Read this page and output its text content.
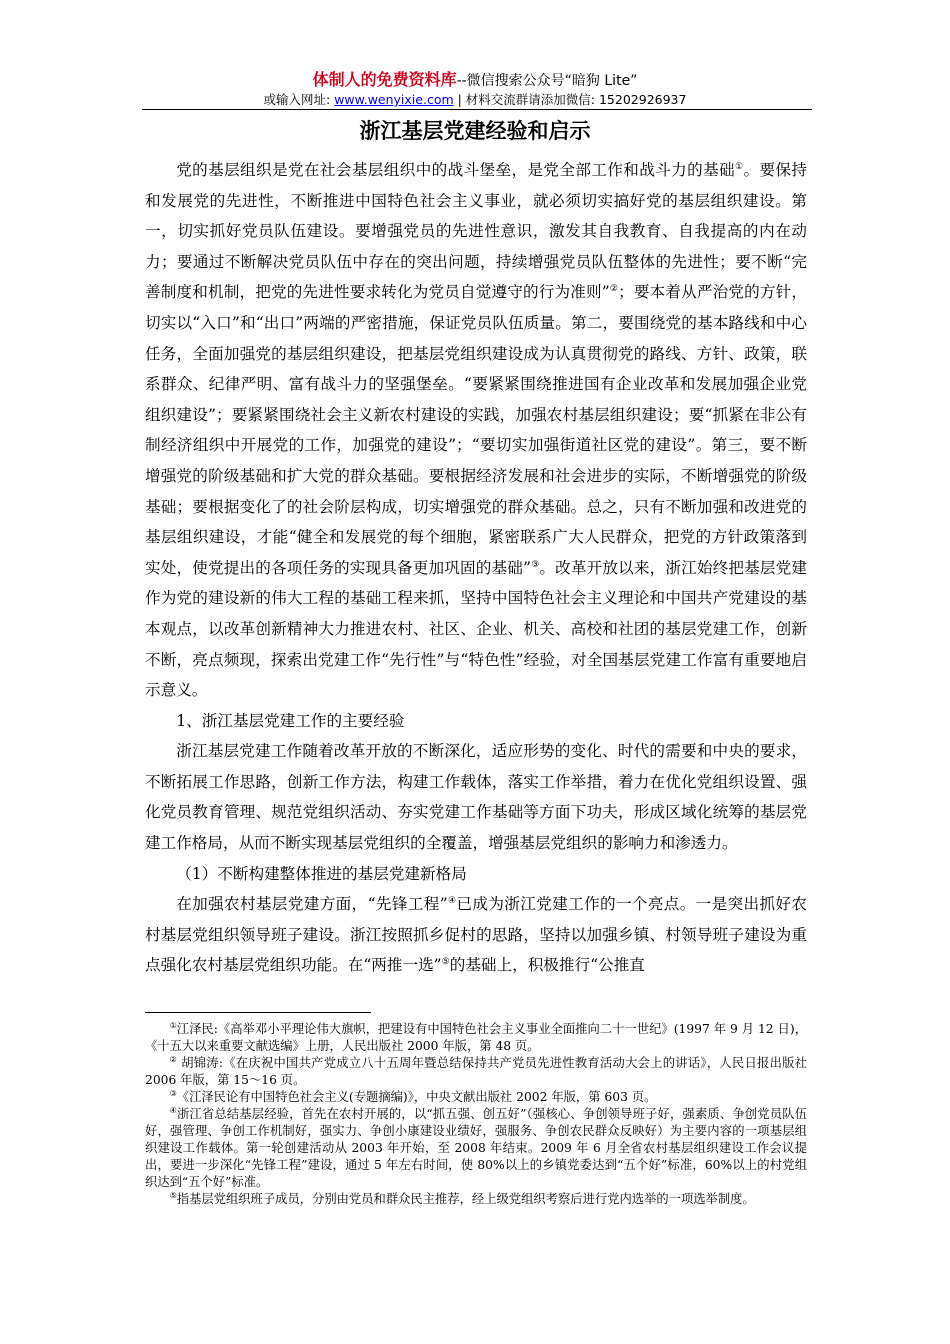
体制人的免费资料库--微信搜索公众号“暗狗 Lite”
或输入网址: www.wenyixie.com | 材料交流群请添加微信: 15202926937
浙江基层党建经验和启示

党的基层组织是党在社会基层组织中的战斗堡垒，是党全部工作和战斗力的基础①。要保持和发展党的先进性，不断推进中国特色社会主义事业，就必须切实搞好党的基层组织建设。第一，切实抓好党员队伍建设。要增强党员的先进性意识，激发其自我教育、自我提高的内在动力；要通过不断解决党员队伍中存在的突出问题，持续增强党员队伍整体的先进性；要不断“完善制度和机制，把党的先进性要求转化为党员自觉遵守的行为准则”②；要本着从严治党的方针，切实以“入口”和“出口”两端的严密措施，保证党员队伍质量。第二，要围绕党的基本路线和中心任务，全面加强党的基层组织建设，把基层党组织建设成为认真贯彻党的路线、方针、政策，联系群众、纪律严明、富有战斗力的坚强堡垒。“要紧紧围绕推进国有企业改革和发展加强企业党组织建设”；要紧紧围绕社会主义新农村建设的实践，加强农村基层组织建设；要“抓紧在非公有制经济组织中开展党的工作，加强党的建设”；“要切实加强街道社区党的建设”。第三，要不断增强党的阶级基础和扩大党的群众基础。要根据经济发展和社会进步的实际，不断增强党的阶级基础；要根据变化了的社会阶层构成，切实增强党的群众基础。总之，只有不断加强和改进党的基层组织建设，才能“健全和发展党的每个细胞，紧密联系广大人民群众，把党的方针政策落到实处，使党提出的各项任务的实现具备更加巩固的基础”③。改革开放以来，浙江始终把基层党建作为党的建设新的伟大工程的基础工程来抓，坚持中国特色社会主义理论和中国共产党建设的基本观点，以改革创新精神大力推进农村、社区、企业、机关、高校和社团的基层党建工作，创新不断，亮点频现，探索出党建工作“先行性”与“特色性”经验，对全国基层党建工作富有重要地启示意义。

1、浙江基层党建工作的主要经验

浙江基层党建工作随着改革开放的不断深化，适应形势的变化、时代的需要和中央的要求，不断拓展工作思路，创新工作方法，构建工作载体，落实工作举措，着力在优化党组织设置、强化党员教育管理、规范党组织活动、夯实党建工作基础等方面下功夫，形成区域化统筹的基层党建工作格局，从而不断实现基层党组织的全覆盖，增强基层党组织的影响力和渗透力。

（1）不断构建整体推进的基层党建新格局

在加强农村基层党建方面，“先锋工程”④已成为浙江党建工作的一个亮点。一是突出抓好农村基层党组织领导班子建设。浙江按照抓乡促村的思路，坚持以加强乡镇、村领导班子建设为重点强化农村基层党组织功能。在“两推一选”⑤的基础上，积极推行“公推直

①江泽民:《高举邓小平理论伟大旗帜，把建设有中国特色社会主义事业全面推向二十一世纪》(1997 年 9 月 12 日)，《十五大以来重要文献选编》上册，人民出版社 2000 年版，第 48 页。

② 胡锦涛:《在庆祝中国共产党成立八十五周年暨总结保持共产党员先进性教育活动大会上的讲话》，人民日报出版社 2006 年版，第 15～16 页。

③《江泽民论有中国特色社会主义(专题摘编)》，中央文献出版社 2002 年版，第 603 页。

④浙江省总结基层经验，首先在农村开展的，以“抓五强、创五好”（强核心、争创领导班子好，强素质、争创党员队伍好，强管理、争创工作机制好，强实力、争创小康建设业绩好，强服务、争创农民群众反映好）为主要内容的一项基层组织建设工作载体。第一轮创建活动从 2003 年开始，至 2008 年结束。2009 年 6 月全省农村基层组织建设工作会议提出，要进一步深化“先锋工程”建设，通过 5 年左右时间，使 80%以上的乡镇党委达到“五个好”标准，60%以上的村党组织达到“五个好”标准。

⑤指基层党组织班子成员，分别由党员和群众民主推荐，经上级党组织考察后进行党内选举的一项选举制度。
